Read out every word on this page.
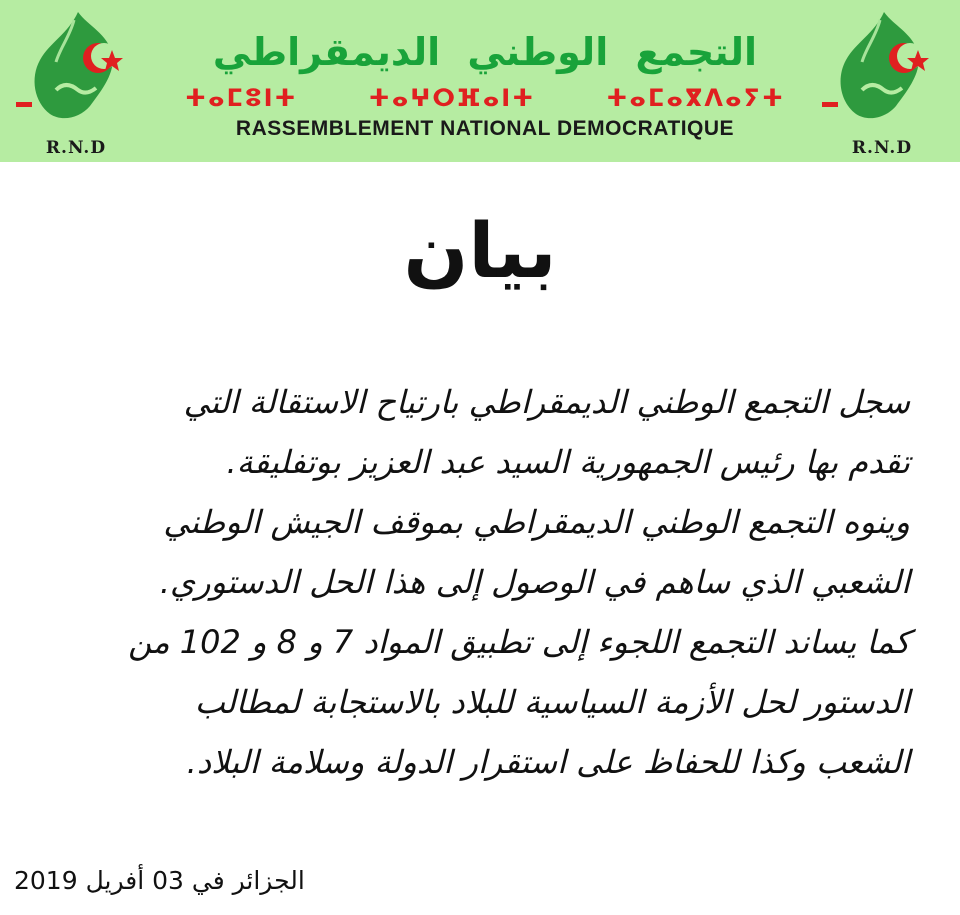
R.N.D
التجمع الوطني الديمقراطي
ⵜⴰⵎⵓⵏⵜ	ⵜⴰⵖⵔⴼⴰⵏⵜ	ⵜⴰⵎⴰⴳⴷⴰⵢⵜ
RASSEMBLEMENT NATIONAL DEMOCRATIQUE
R.N.D
بيان

سجل التجمع الوطني الديمقراطي بارتياح الاستقالة التي

تقدم بها رئيس الجمهورية السيد عبد العزيز بوتفليقة.

وينوه التجمع الوطني الديمقراطي بموقف الجيش الوطني

الشعبي الذي ساهم في الوصول إلى هذا الحل الدستوري.

كما يساند التجمع اللجوء إلى تطبيق المواد 7 و 8 و 102 من

الدستور لحل الأزمة السياسية للبلاد بالاستجابة لمطالب

الشعب وكذا للحفاظ على استقرار الدولة وسلامة البلاد.

الجزائر في 03 أفريل 2019
